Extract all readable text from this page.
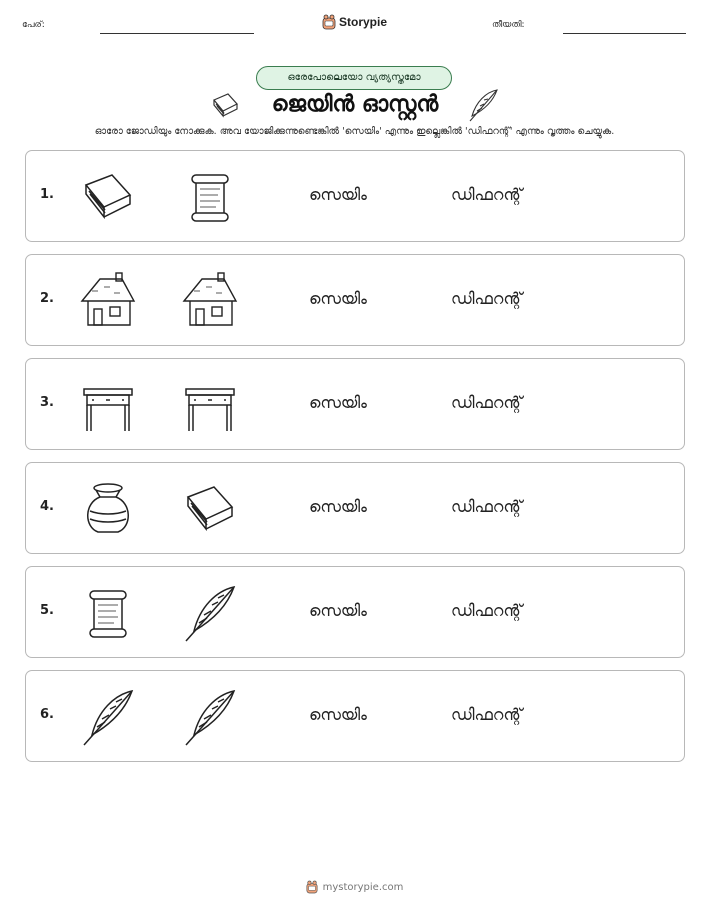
പേര്:	Storypie	തീയതി:
ഒരേപോലെയോ വ്യത്യസ്തമോ
ജെയിൻ ഓസ്റ്റൻ
ഓരോ ജോഡിയും നോക്കുക. അവ യോജിക്കുന്നുണ്ടെങ്കിൽ 'സെയിം' എന്നും ഇല്ലെങ്കിൽ 'ഡിഫറന്റ്' എന്നും വൃത്തം ചെയ്യുക.
1.	സെയിം	ഡിഫറന്റ്
2.	സെയിം	ഡിഫറന്റ്
3.	സെയിം	ഡിഫറന്റ്
4.	സെയിം	ഡിഫറന്റ്
5.	സെയിം	ഡിഫറന്റ്
6.	സെയിം	ഡിഫറന്റ്
mystorypie.com
